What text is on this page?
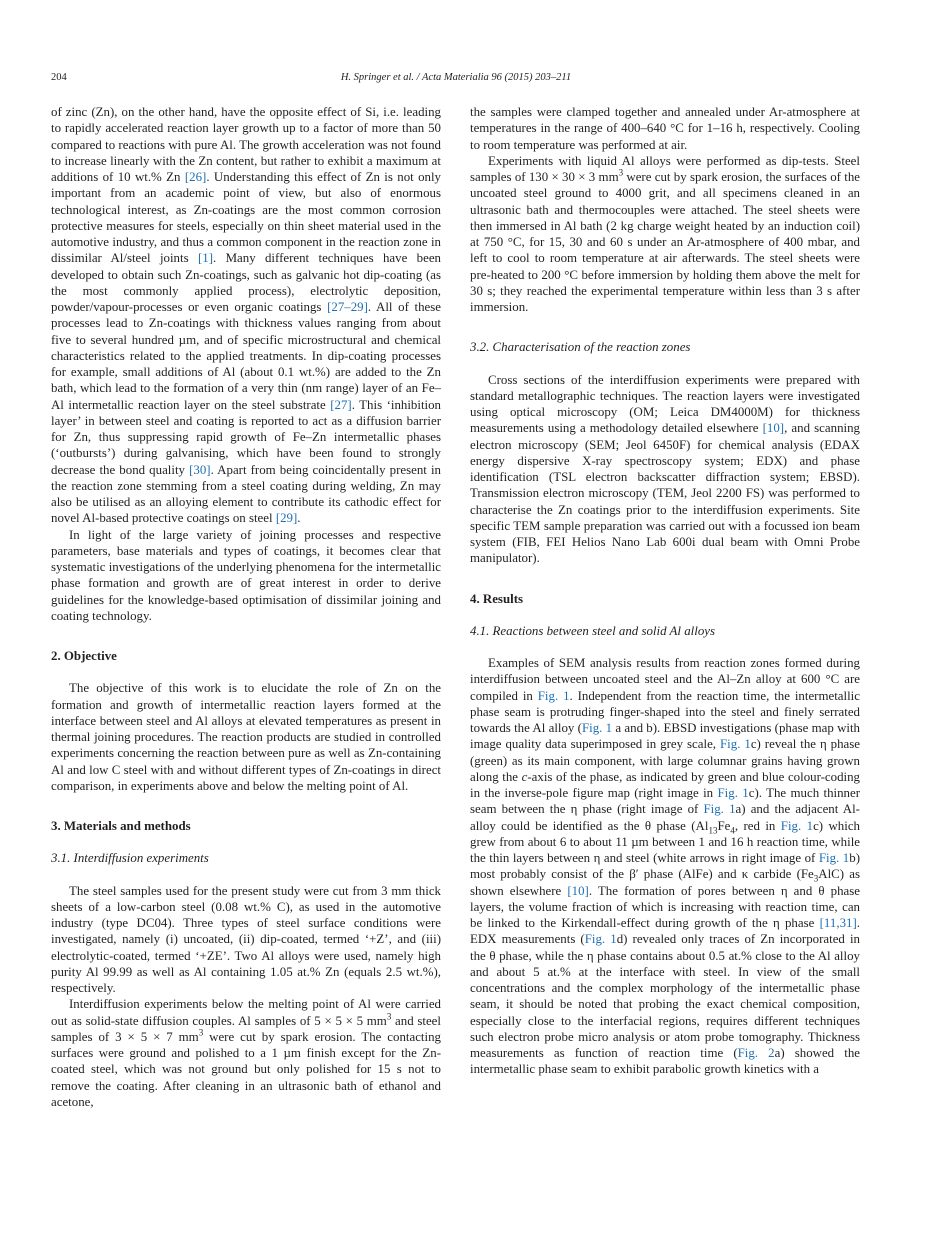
204	H. Springer et al. / Acta Materialia 96 (2015) 203–211

of zinc (Zn), on the other hand, have the opposite effect of Si, i.e. leading to rapidly accelerated reaction layer growth up to a factor of more than 50 compared to reactions with pure Al. The growth acceleration was not found to increase linearly with the Zn content, but rather to exhibit a maximum at additions of 10 wt.% Zn [26]. Understanding this effect of Zn is not only important from an academic point of view, but also of enormous technological interest, as Zn-coatings are the most common corrosion protective measures for steels, especially on thin sheet material used in the automotive industry, and thus a common component in the reaction zone in dissimilar Al/steel joints [1]. Many different techniques have been developed to obtain such Zn-coatings, such as galvanic hot dip-coating (as the most commonly applied process), electrolytic deposition, powder/vapour-processes or even organic coatings [27–29]. All of these processes lead to Zn-coatings with thickness values ranging from about five to several hundred µm, and of specific microstructural and chemical characteristics related to the applied treatments. In dip-coating processes for example, small additions of Al (about 0.1 wt.%) are added to the Zn bath, which lead to the formation of a very thin (nm range) layer of an Fe–Al intermetallic reaction layer on the steel substrate [27]. This ‘inhibition layer’ in between steel and coating is reported to act as a diffusion barrier for Zn, thus suppressing rapid growth of Fe–Zn intermetallic phases (‘outbursts’) during galvanising, which have been found to strongly decrease the bond quality [30]. Apart from being coincidentally present in the reaction zone stemming from a steel coating during welding, Zn may also be utilised as an alloying element to contribute its cathodic effect for novel Al-based protective coatings on steel [29].

In light of the large variety of joining processes and respective parameters, base materials and types of coatings, it becomes clear that systematic investigations of the underlying phenomena for the intermetallic phase formation and growth are of great interest in order to derive guidelines for the knowledge-based optimisation of dissimilar joining and coating technology.

2. Objective

The objective of this work is to elucidate the role of Zn on the formation and growth of intermetallic reaction layers formed at the interface between steel and Al alloys at elevated temperatures as present in thermal joining procedures. The reaction products are studied in controlled experiments concerning the reaction between pure as well as Zn-containing Al and low C steel with and without different types of Zn-coatings in direct comparison, in experiments above and below the melting point of Al.

3. Materials and methods
3.1. Interdiffusion experiments

The steel samples used for the present study were cut from 3 mm thick sheets of a low-carbon steel (0.08 wt.% C), as used in the automotive industry (type DC04). Three types of steel surface conditions were investigated, namely (i) uncoated, (ii) dip-coated, termed ‘+Z’, and (iii) electrolytic-coated, termed ‘+ZE’. Two Al alloys were used, namely high purity Al 99.99 as well as Al containing 1.05 at.% Zn (equals 2.5 wt.%), respectively.

Interdiffusion experiments below the melting point of Al were carried out as solid-state diffusion couples. Al samples of 5 × 5 × 5 $mm^3$ and steel samples of 3 × 5 × 7 $mm^3$ were cut by spark erosion. The contacting surfaces were ground and polished to a 1 µm finish except for the Zn-coated steel, which was not ground but only polished for 15 s not to remove the coating. After cleaning in an ultrasonic bath of ethanol and acetone,

the samples were clamped together and annealed under Ar-atmosphere at temperatures in the range of 400–640 °C for 1–16 h, respectively. Cooling to room temperature was performed at air.

Experiments with liquid Al alloys were performed as dip-tests. Steel samples of 130 × 30 × 3 $mm^3$ were cut by spark erosion, the surfaces of the uncoated steel ground to 4000 grit, and all specimens cleaned in an ultrasonic bath and thermocouples were attached. The steel sheets were then immersed in Al bath (2 kg charge weight heated by an induction coil) at 750 °C, for 15, 30 and 60 s under an Ar-atmosphere of 400 mbar, and left to cool to room temperature at air afterwards. The steel sheets were pre-heated to 200 °C before immersion by holding them above the melt for 30 s; they reached the experimental temperature within less than 3 s after immersion.

3.2. Characterisation of the reaction zones

Cross sections of the interdiffusion experiments were prepared with standard metallographic techniques. The reaction layers were investigated using optical microscopy (OM; Leica DM4000M) for thickness measurements using a methodology detailed elsewhere [10], and scanning electron microscopy (SEM; Jeol 6450F) for chemical analysis (EDAX energy dispersive X-ray spectroscopy system; EDX) and phase identification (TSL electron backscatter diffraction system; EBSD). Transmission electron microscopy (TEM, Jeol 2200 FS) was performed to characterise the Zn coatings prior to the interdiffusion experiments. Site specific TEM sample preparation was carried out with a focussed ion beam system (FIB, FEI Helios Nano Lab 600i dual beam with Omni Probe manipulator).

4. Results
4.1. Reactions between steel and solid Al alloys

Examples of SEM analysis results from reaction zones formed during interdiffusion between uncoated steel and the Al–Zn alloy at 600 °C are compiled in Fig. 1. Independent from the reaction time, the intermetallic phase seam is protruding finger-shaped into the steel and finely serrated towards the Al alloy (Fig. 1 a and b). EBSD investigations (phase map with image quality data superimposed in grey scale, Fig. 1c) reveal the η phase (green) as its main component, with large columnar grains having grown along the c-axis of the phase, as indicated by green and blue colour-coding in the inverse-pole figure map (right image in Fig. 1c). The much thinner seam between the η phase (right image of Fig. 1a) and the adjacent Al-alloy could be identified as the θ phase ($Al_{13}Fe_4$, red in Fig. 1c) which grew from about 6 to about 11 µm between 1 and 16 h reaction time, while the thin layers between η and steel (white arrows in right image of Fig. 1b) most probably consist of the β′ phase (AlFe) and κ carbide $(Fe_3AlC)$ as shown elsewhere [10]. The formation of pores between η and θ phase layers, the volume fraction of which is increasing with reaction time, can be linked to the Kirkendall-effect during growth of the η phase [11,31]. EDX measurements (Fig. 1d) revealed only traces of Zn incorporated in the θ phase, while the η phase contains about 0.5 at.% close to the Al alloy and about 5 at.% at the interface with steel. In view of the small concentrations and the complex morphology of the intermetallic phase seam, it should be noted that probing the exact chemical composition, especially close to the interfacial regions, requires different techniques such electron probe micro analysis or atom probe tomography. Thickness measurements as function of reaction time (Fig. 2a) showed the intermetallic phase seam to exhibit parabolic growth kinetics with a
